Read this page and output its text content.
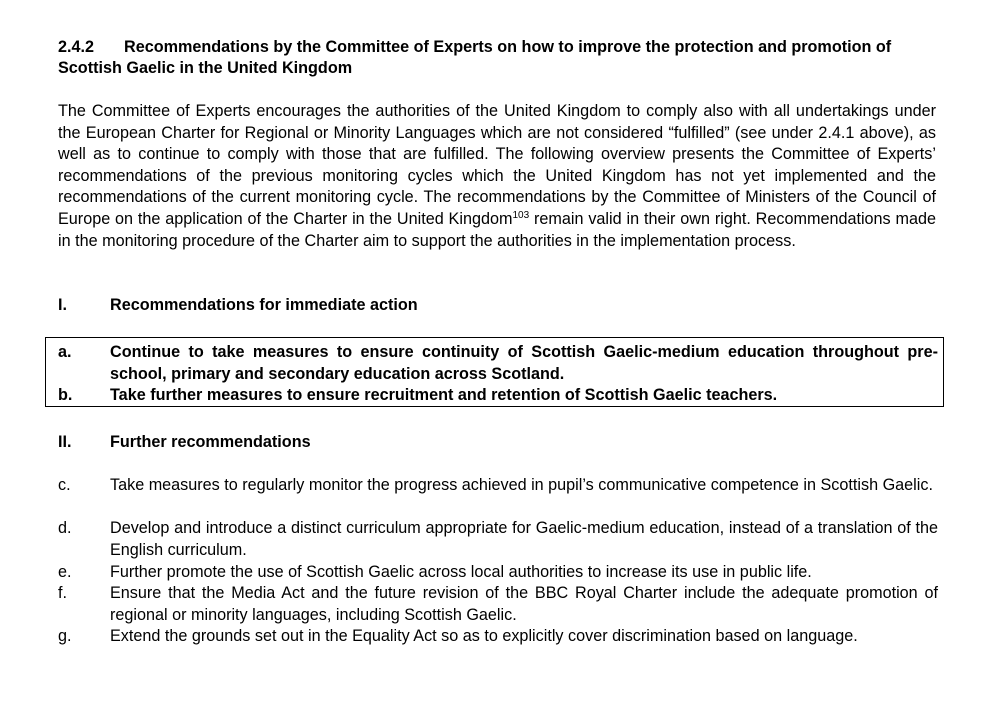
2.4.2 Recommendations by the Committee of Experts on how to improve the protection and promotion of Scottish Gaelic in the United Kingdom
The Committee of Experts encourages the authorities of the United Kingdom to comply also with all undertakings under the European Charter for Regional or Minority Languages which are not considered “fulfilled” (see under 2.4.1 above), as well as to continue to comply with those that are fulfilled. The following overview presents the Committee of Experts’ recommendations of the previous monitoring cycles which the United Kingdom has not yet implemented and the recommendations of the current monitoring cycle. The recommendations by the Committee of Ministers of the Council of Europe on the application of the Charter in the United Kingdom$^{103}$ remain valid in their own right. Recommendations made in the monitoring procedure of the Charter aim to support the authorities in the implementation process.
I.	Recommendations for immediate action
a.	Continue to take measures to ensure continuity of Scottish Gaelic-medium education throughout pre-school, primary and secondary education across Scotland.
b.	Take further measures to ensure recruitment and retention of Scottish Gaelic teachers.
II. Further recommendations
c.	Take measures to regularly monitor the progress achieved in pupil’s communicative competence in Scottish Gaelic.
d.	Develop and introduce a distinct curriculum appropriate for Gaelic-medium education, instead of a translation of the English curriculum.
e.	Further promote the use of Scottish Gaelic across local authorities to increase its use in public life.
f.	Ensure that the Media Act and the future revision of the BBC Royal Charter include the adequate promotion of regional or minority languages, including Scottish Gaelic.
g.	Extend the grounds set out in the Equality Act so as to explicitly cover discrimination based on language.
